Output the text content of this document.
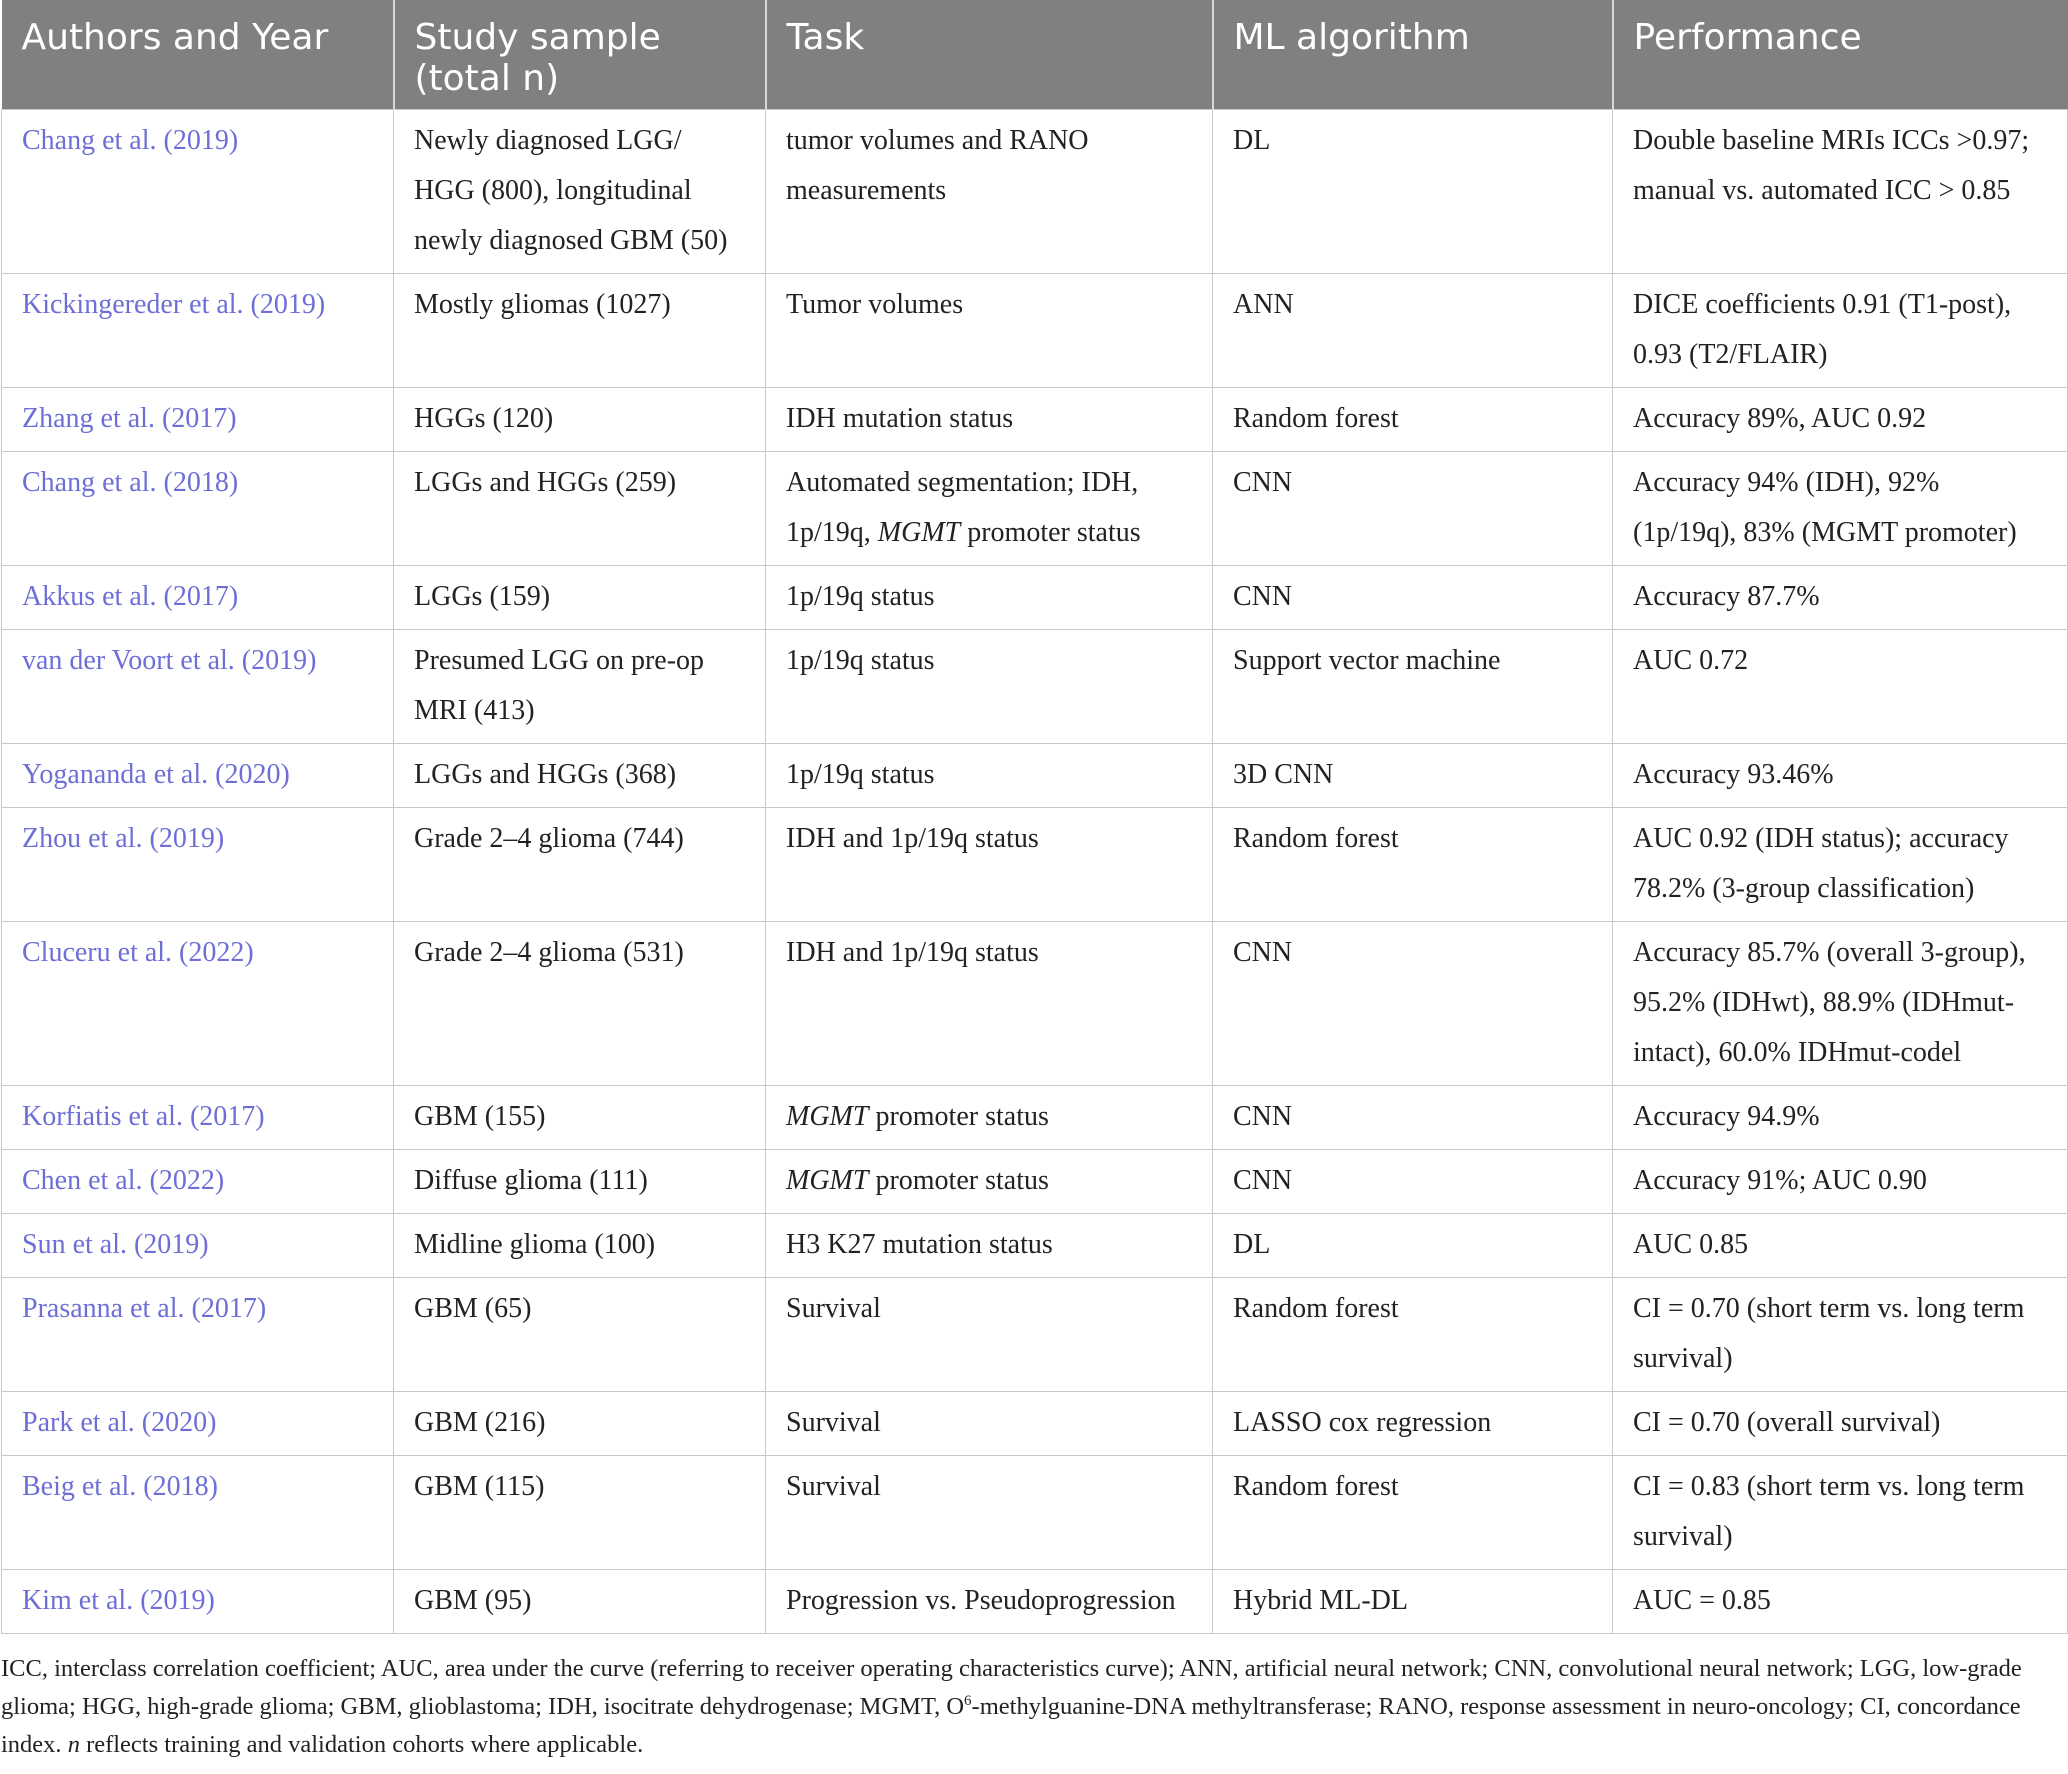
Authors and Year	Study sample (total n)	Task	ML algorithm	Performance
Chang et al. (2019)	Newly diagnosed LGG/ HGG (800), longitudinal newly diagnosed GBM (50)	tumor volumes and RANO measurements	DL	Double baseline MRIs ICCs >0.97; manual vs. automated ICC > 0.85
Kickingereder et al. (2019)	Mostly gliomas (1027)	Tumor volumes	ANN	DICE coefficients 0.91 (T1-post), 0.93 (T2/FLAIR)
Zhang et al. (2017)	HGGs (120)	IDH mutation status	Random forest	Accuracy 89%, AUC 0.92
Chang et al. (2018)	LGGs and HGGs (259)	Automated segmentation; IDH, 1p/19q, MGMT promoter status	CNN	Accuracy 94% (IDH), 92% (1p/19q), 83% (MGMT promoter)
Akkus et al. (2017)	LGGs (159)	1p/19q status	CNN	Accuracy 87.7%
van der Voort et al. (2019)	Presumed LGG on pre-op MRI (413)	1p/19q status	Support vector machine	AUC 0.72
Yogananda et al. (2020)	LGGs and HGGs (368)	1p/19q status	3D CNN	Accuracy 93.46%
Zhou et al. (2019)	Grade 2–4 glioma (744)	IDH and 1p/19q status	Random forest	AUC 0.92 (IDH status); accuracy 78.2% (3-group classification)
Cluceru et al. (2022)	Grade 2–4 glioma (531)	IDH and 1p/19q status	CNN	Accuracy 85.7% (overall 3-group), 95.2% (IDHwt), 88.9% (IDHmut-intact), 60.0% IDHmut-codel
Korfiatis et al. (2017)	GBM (155)	MGMT promoter status	CNN	Accuracy 94.9%
Chen et al. (2022)	Diffuse glioma (111)	MGMT promoter status	CNN	Accuracy 91%; AUC 0.90
Sun et al. (2019)	Midline glioma (100)	H3 K27 mutation status	DL	AUC 0.85
Prasanna et al. (2017)	GBM (65)	Survival	Random forest	CI = 0.70 (short term vs. long term survival)
Park et al. (2020)	GBM (216)	Survival	LASSO cox regression	CI = 0.70 (overall survival)
Beig et al. (2018)	GBM (115)	Survival	Random forest	CI = 0.83 (short term vs. long term survival)
Kim et al. (2019)	GBM (95)	Progression vs. Pseudoprogression	Hybrid ML-DL	AUC = 0.85
ICC, interclass correlation coefficient; AUC, area under the curve (referring to receiver operating characteristics curve); ANN, artificial neural network; CNN, convolutional neural network; LGG, low-grade glioma; HGG, high-grade glioma; GBM, glioblastoma; IDH, isocitrate dehydrogenase; MGMT, $O^6-methylguanine$-DNA methyltransferase; RANO, response assessment in neuro-oncology; CI, concordance index. n reflects training and validation cohorts where applicable.
